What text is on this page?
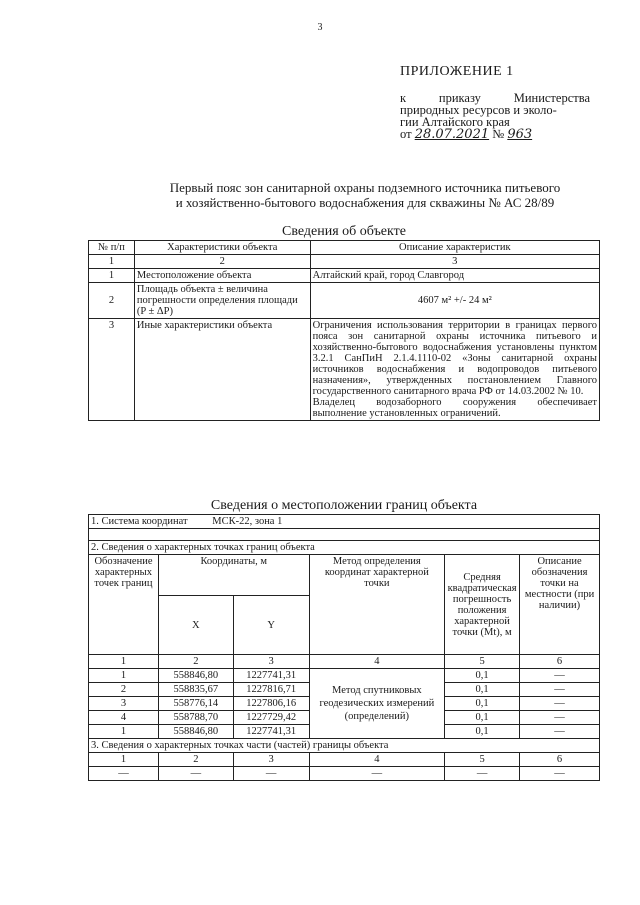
3
ПРИЛОЖЕНИЕ 1
к приказу Министерства
природных ресурсов и эколо-
гии Алтайского края
от 28.07.2021 № 963
Первый пояс зон санитарной охраны подземного источника питьевого
и хозяйственно-бытового водоснабжения для скважины № АС 28/89
Сведения об объекте
№ п/п	Характеристики объекта	Описание характеристик
1	2	3
1	Местоположение объекта	Алтайский край, город Славгород
2	Площадь объекта ± величина погрешности определения площади (P ± ΔP)	4607 м² +/- 24 м²
3	Иные характеристики объекта	Ограничения использования территории в границах первого пояса зон санитарной охраны источника питьевого и хозяйственно-бытового водоснабжения установлены пунктом 3.2.1 СанПиН 2.1.4.1110-02 «Зоны санитарной охраны источников водоснабжения и водопроводов питьевого назначения», утвержденных постановлением Главного государственного санитарного врача РФ от 14.03.2002 № 10.
Владелец водозаборного сооружения обеспечивает выполнение установленных ограничений.
Сведения о местоположении границ объекта
1. Система координат МСК-22, зона 1					

2. Сведения о характерных точках границ объекта					
Обозначение характерных точек границ	Координаты, м		Метод определения координат характерной точки	Средняя квадратическая погрешность положения характерной точки (Mt), м	Описание обозначения точки на местности (при наличии)
	X	Y			
1	2	3	4	5	6
1	558846,80	1227741,31	Метод спутниковых геодезических измерений (определений)	0,1	—
2	558835,67	1227816,71		0,1	—
3	558776,14	1227806,16		0,1	—
4	558788,70	1227729,42		0,1	—
1	558846,80	1227741,31		0,1	—
3. Сведения о характерных точках части (частей) границы объекта					
1	2	3	4	5	6
—	—	—	—	—	—
